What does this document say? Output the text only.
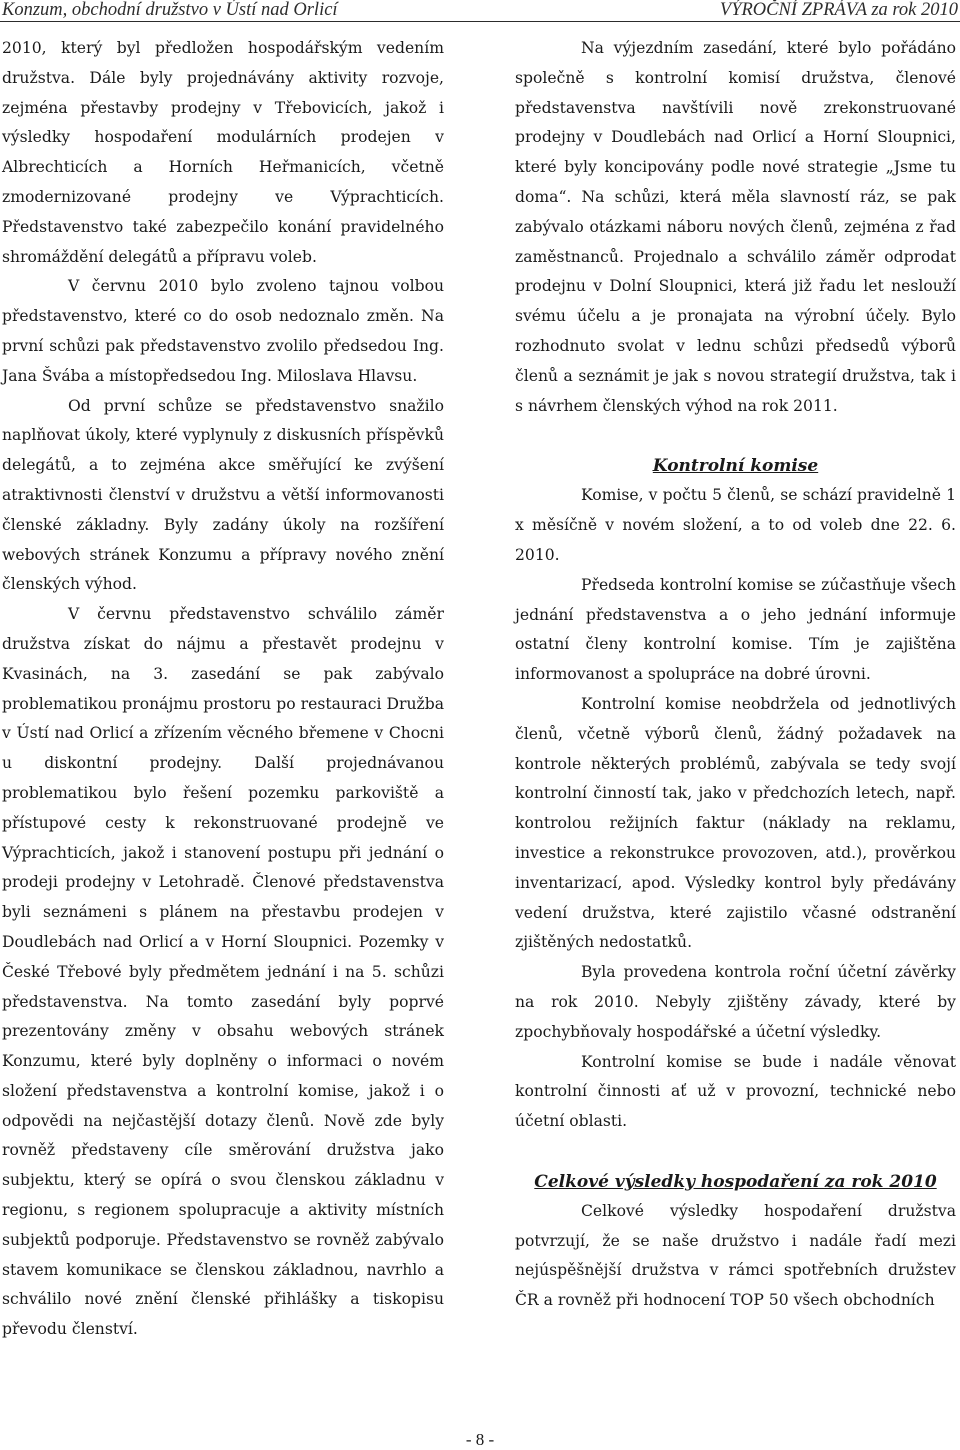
Konzum, obchodní družstvo v Ústí nad Orlicí	VÝROČNÍ ZPRÁVA za rok 2010

2010, který byl předložen hospodářským vedením družstva. Dále byly projednávány aktivity rozvoje, zejména přestavby prodejny v Třebovicích, jakož i výsledky hospodaření modulárních prodejen v Albrechticích a Horních Heřmanicích, včetně zmodernizované prodejny ve Výprachticích. Představenstvo také zabezpečilo konání pravidelného shromáždění delegátů a přípravu voleb.

V červnu 2010 bylo zvoleno tajnou volbou představenstvo, které co do osob nedoznalo změn. Na první schůzi pak představenstvo zvolilo předsedou Ing. Jana Švába a místopředsedou Ing. Miloslava Hlavsu.

Od první schůze se představenstvo snažilo naplňovat úkoly, které vyplynuly z diskusních příspěvků delegátů, a to zejména akce směřující ke zvýšení atraktivnosti členství v družstvu a větší informovanosti členské základny. Byly zadány úkoly na rozšíření webových stránek Konzumu a přípravy nového znění členských výhod.

V červnu představenstvo schválilo záměr družstva získat do nájmu a přestavět prodejnu v Kvasinách, na 3. zasedání se pak zabývalo problematikou pronájmu prostoru po restauraci Družba v Ústí nad Orlicí a zřízením věcného břemene v Chocni u diskontní prodejny. Další projednávanou problematikou bylo řešení pozemku parkoviště a přístupové cesty k rekonstruované prodejně ve Výprachticích, jakož i stanovení postupu při jednání o prodeji prodejny v Letohradě. Členové představenstva byli seznámeni s plánem na přestavbu prodejen v Doudlebách nad Orlicí a v Horní Sloupnici. Pozemky v České Třebové byly předmětem jednání i na 5. schůzi představenstva. Na tomto zasedání byly poprvé prezentovány změny v obsahu webových stránek Konzumu, které byly doplněny o informaci o novém složení představenstva a kontrolní komise, jakož i o odpovědi na nejčastější dotazy členů. Nově zde byly rovněž představeny cíle směrování družstva jako subjektu, který se opírá o svou členskou základnu v regionu, s regionem spolupracuje a aktivity místních subjektů podporuje. Představenstvo se rovněž zabývalo stavem komunikace se členskou základnou, navrhlo a schválilo nové znění členské přihlášky a tiskopisu převodu členství.

Na výjezdním zasedání, které bylo pořádáno společně s kontrolní komisí družstva, členové představenstva navštívili nově zrekonstruované prodejny v Doudlebách nad Orlicí a Horní Sloupnici, které byly koncipovány podle nové strategie „Jsme tu doma“. Na schůzi, která měla slavností ráz, se pak zabývalo otázkami náboru nových členů, zejména z řad zaměstnanců. Projednalo a schválilo záměr odprodat prodejnu v Dolní Sloupnici, která již řadu let neslouží svému účelu a je pronajata na výrobní účely. Bylo rozhodnuto svolat v lednu schůzi předsedů výborů členů a seznámit je jak s novou strategií družstva, tak i s návrhem členských výhod na rok 2011.

Kontrolní komise

Komise, v počtu 5 členů, se schází pravidelně 1 x měsíčně v novém složení, a to od voleb dne 22. 6. 2010.

Předseda kontrolní komise se zúčastňuje všech jednání představenstva a o jeho jednání informuje ostatní členy kontrolní komise. Tím je zajištěna informovanost a spolupráce na dobré úrovni.

Kontrolní komise neobdržela od jednotlivých členů, včetně výborů členů, žádný požadavek na kontrole některých problémů, zabývala se tedy svojí kontrolní činností tak, jako v předchozích letech, např. kontrolou režijních faktur (náklady na reklamu, investice a rekonstrukce provozoven, atd.), prověrkou inventarizací, apod. Výsledky kontrol byly předávány vedení družstva, které zajistilo včasné odstranění zjištěných nedostatků.

Byla provedena kontrola roční účetní závěrky na rok 2010. Nebyly zjištěny závady, které by zpochybňovaly hospodářské a účetní výsledky.

Kontrolní komise se bude i nadále věnovat kontrolní činnosti ať už v provozní, technické nebo účetní oblasti.

Celkové výsledky hospodaření za rok 2010

Celkové výsledky hospodaření družstva potvrzují, že se naše družstvo i nadále řadí mezi nejúspěšnější družstva v rámci spotřebních družstev ČR a rovněž při hodnocení TOP 50 všech obchodních

- 8 -
